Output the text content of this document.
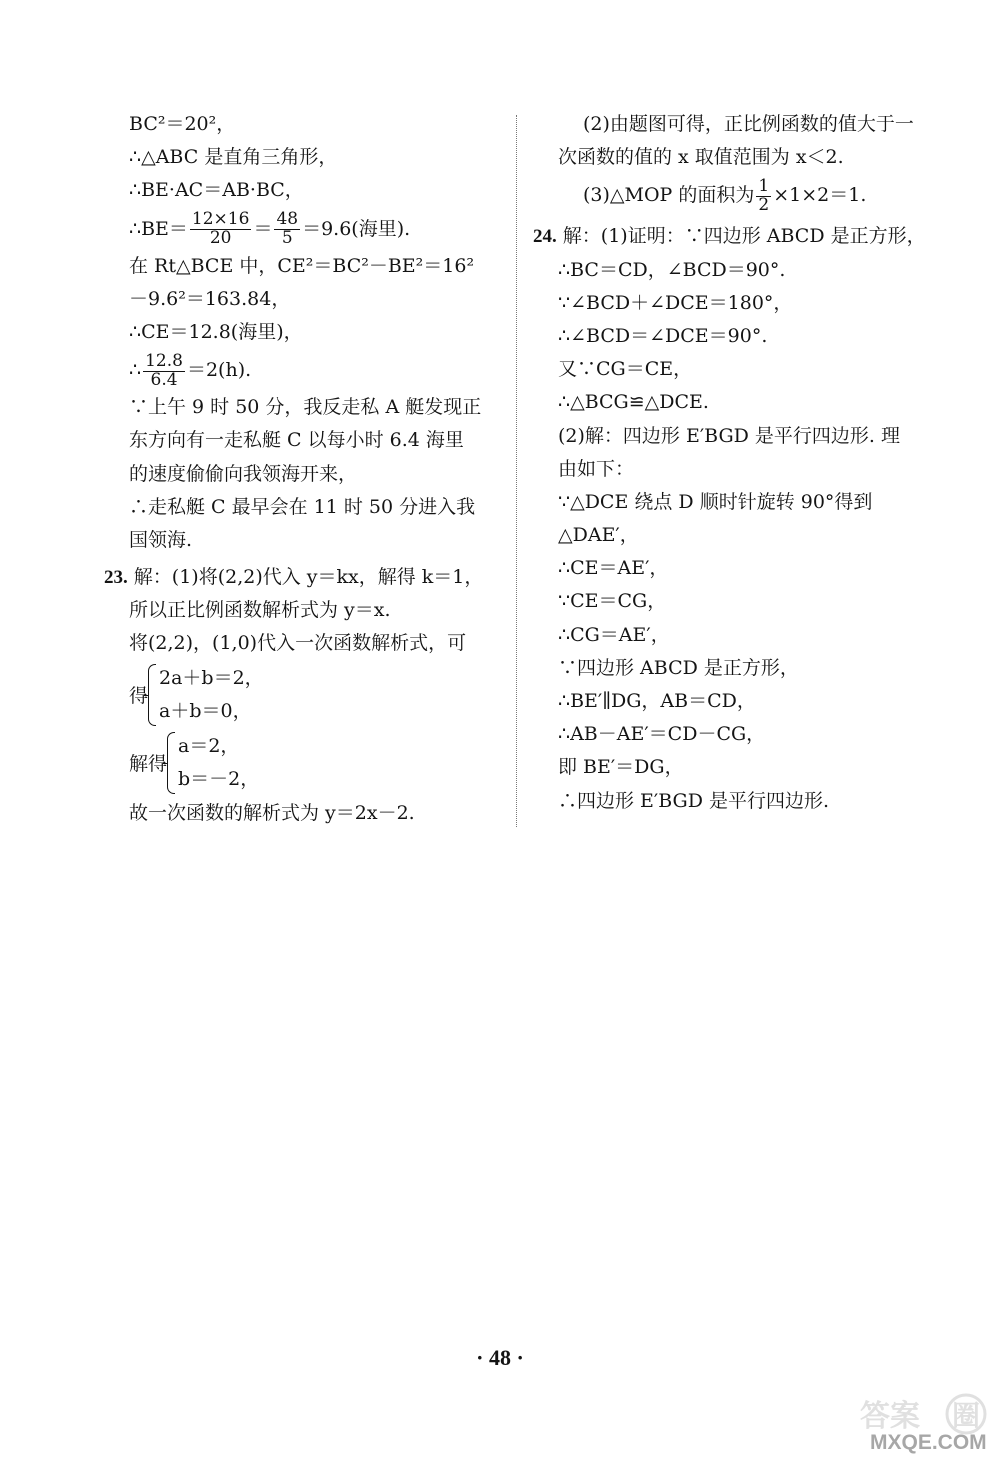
BC²＝20²，
∴△ABC 是直角三角形，
∴BE·AC＝AB·BC，
∴BE＝ $\frac{12\times 16}{20} = \frac{48}{5} =9.6$(海里).
在 Rt△BCE 中，CE²＝BC²－BE²＝16²
－9.6²＝163.84，
∴CE＝12.8(海里)，
∴ $\frac{12.8}{6.4} =2(h)$.
∵上午 9 时 50 分，我反走私 A 艇发现正
东方向有一走私艇 C 以每小时 6.4 海里
的速度偷偷向我领海开来，
∴走私艇 C 最早会在 11 时 50 分进入我
国领海.
23. 解：(1)将(2,2)代入 y＝kx，解得 k＝1，
所以正比例函数解析式为 y＝x.
将(2,2)，(1,0)代入一次函数解析式，可
得
2a＋b＝2，
a＋b＝0，
解得
a＝2，
b＝－2，
故一次函数的解析式为 y＝2x－2.
(2)由题图可得，正比例函数的值大于一
次函数的值的 x 取值范围为 x＜2.
(3)△MOP 的面积为 $\frac{1}{2} \times 1\times 2=1$.
24. 解：(1)证明：∵四边形 ABCD 是正方形，
∴BC＝CD，∠BCD＝90°.
∵∠BCD＋∠DCE＝180°，
∴∠BCD＝∠DCE＝90°.
又∵CG＝CE，
∴△BCG≌△DCE.
(2)解：四边形 E′BGD 是平行四边形. 理
由如下：
∵△DCE 绕点 D 顺时针旋转 90°得到
△DAE′，
∴CE＝AE′，
∵CE＝CG，
∴CG＝AE′，
∵四边形 ABCD 是正方形，
∴BE′∥DG，AB＝CD，
∴AB－AE′＝CD－CG，
即 BE′＝DG，
∴四边形 E′BGD 是平行四边形.
· 48 ·
答案 圈
MXQE.COM
